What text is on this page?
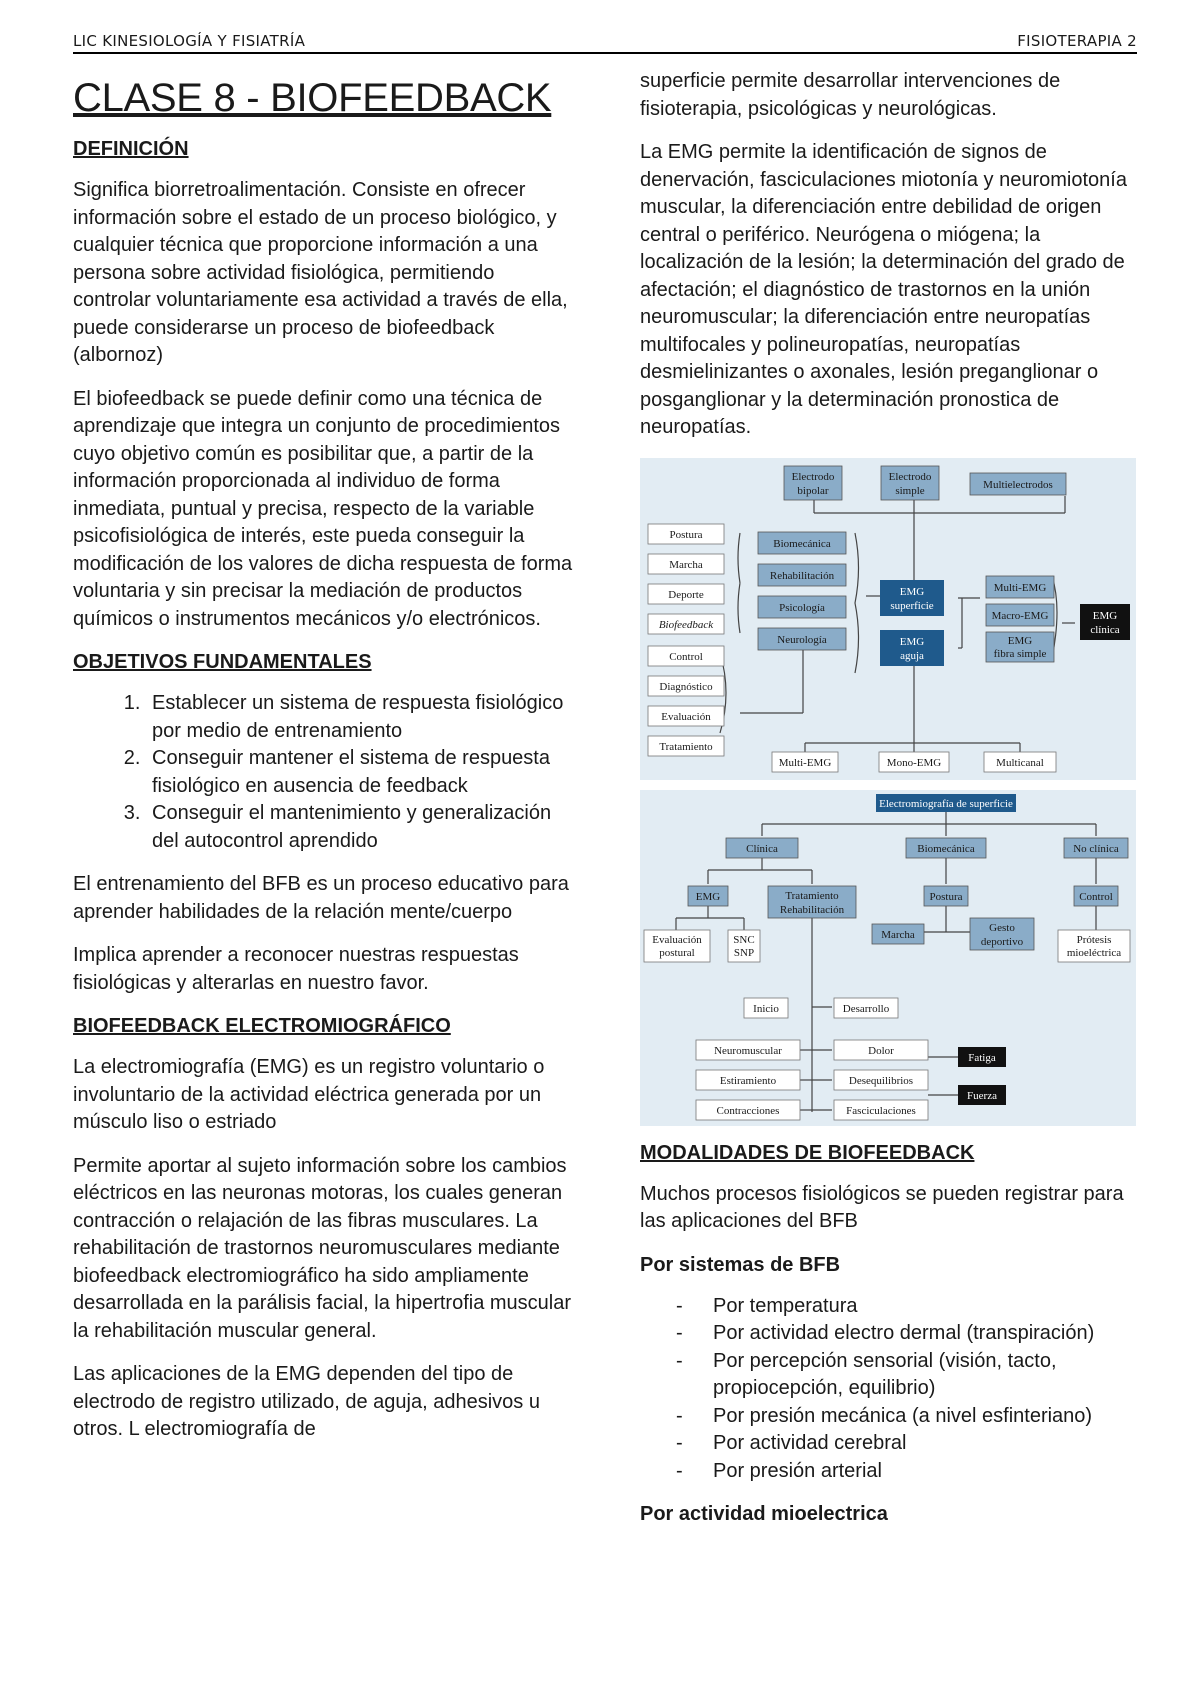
LIC KINESIOLOGÍA Y FISIATRÍA	FISIOTERAPIA 2
CLASE 8 - BIOFEEDBACK
DEFINICIÓN

Significa biorretroalimentación. Consiste en ofrecer información sobre el estado de un proceso biológico, y cualquier técnica que proporcione información a una persona sobre actividad fisiológica, permitiendo controlar voluntariamente esa actividad a través de ella, puede considerarse un proceso de biofeedback (albornoz)

El biofeedback se puede definir como una técnica de aprendizaje que integra un conjunto de procedimientos cuyo objetivo común es posibilitar que, a partir de la información proporcionada al individuo de forma inmediata, puntual y precisa, respecto de la variable psicofisiológica de interés, este pueda conseguir la modificación de los valores de dicha respuesta de forma voluntaria y sin precisar la mediación de productos químicos o instrumentos mecánicos y/o electrónicos.

OBJETIVOS FUNDAMENTALES
1. Establecer un sistema de respuesta fisiológico por medio de entrenamiento
2. Conseguir mantener el sistema de respuesta fisiológico en ausencia de feedback
3. Conseguir el mantenimiento y generalización del autocontrol aprendido

El entrenamiento del BFB es un proceso educativo para aprender habilidades de la relación mente/cuerpo

Implica aprender a reconocer nuestras respuestas fisiológicas y alterarlas en nuestro favor.

BIOFEEDBACK ELECTROMIOGRÁFICO

La electromiografía (EMG) es un registro voluntario o involuntario de la actividad eléctrica generada por un músculo liso o estriado

Permite aportar al sujeto información sobre los cambios eléctricos en las neuronas motoras, los cuales generan contracción o relajación de las fibras musculares. La rehabilitación de trastornos neuromusculares mediante biofeedback electromiográfico ha sido ampliamente desarrollada en la parálisis facial, la hipertrofia muscular la rehabilitación muscular general.

Las aplicaciones de la EMG dependen del tipo de electrodo de registro utilizado, de aguja, adhesivos u otros. L electromiografía de

superficie permite desarrollar intervenciones de fisioterapia, psicológicas y neurológicas.

La EMG permite la identificación de signos de denervación, fasciculaciones miotonía y neuromiotonía muscular, la diferenciación entre debilidad de origen central o periférico. Neurógena o miógena; la localización de la lesión; la determinación del grado de afectación; el diagnóstico de trastornos en la unión neuromuscular; la diferenciación entre neuropatías multifocales y polineuropatías, neuropatías desmielinizantes o axonales, lesión preganglionar o posganglionar y la determinación pronostica de neuropatías.

Electrodo
bipolar
Electrodo
simple	Multielectrodos
Biomecánica
Rehabilitación
Psicología
Neurología
Multi-EMG
Macro-EMG
EMG
fibra simple
Postura
Marcha
Deporte
Biofeedback
Control
Diagnóstico
Evaluación
Tratamiento
Multi-EMG	Mono-EMG	Multicanal
EMG
superficie
EMG
aguja
EMG
clínica
Clínica	Biomecánica	No clínica
EMG	Tratamiento
Rehabilitación
Postura	Control
Marcha
Gesto
deportivo
Evaluación
postural
SNC
SNP
Prótesis
mioeléctrica
Inicio	Desarrollo
Neuromuscular
Estiramiento
Contracciones
Dolor
Desequilibrios
Fasciculaciones
Electromiografía de superficie
Fatiga
Fuerza
MODALIDADES DE BIOFEEDBACK

Muchos procesos fisiológicos se pueden registrar para las aplicaciones del BFB

Por sistemas de BFB
- Por temperatura
- Por actividad electro dermal (transpiración)
- Por percepción sensorial (visión, tacto, propiocepción, equilibrio)
- Por presión mecánica (a nivel esfinteriano)
- Por actividad cerebral
- Por presión arterial
Por actividad mioelectrica
